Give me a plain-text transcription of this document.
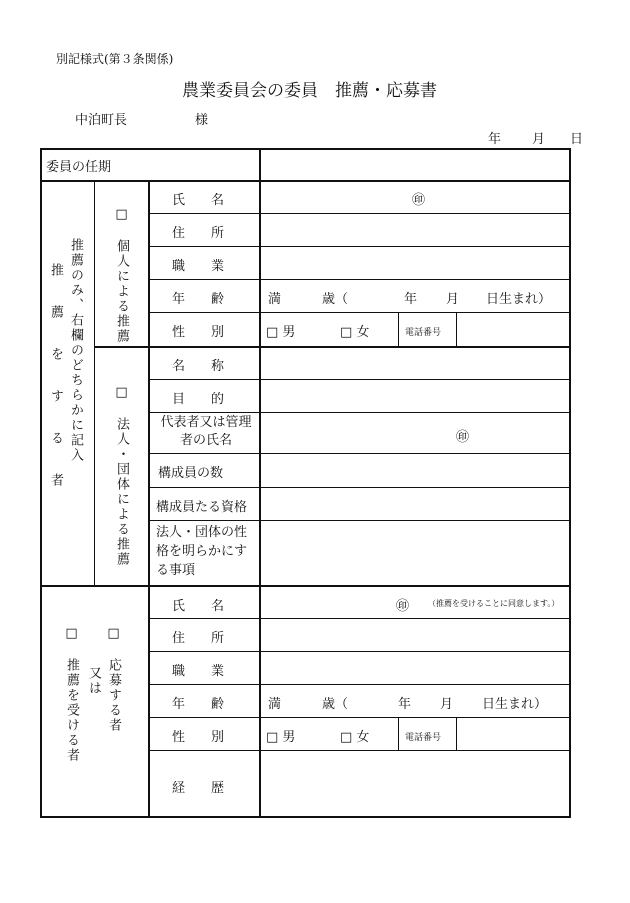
別記様式(第３条関係)
農業委員会の委員　推薦・応募書
中泊町長	様
年 月 日
委員の任期
推薦のみ、右欄のどちらかに記入
推　薦　を　す　る　者	□　個人による推薦
氏　　名	㊞
住　　所
職　　業
年　　齢	満	歳（	年 月 日生まれ）
性　　別	□ 男	□ 女	電話番号
□　法人・団体による推薦
名　　称
目　　的
代表者又は管理者の氏名	㊞
構成員の数
構成員たる資格
法人・団体の性格を明らかにする事項
□　推薦を受ける者 又は □　応募する者
氏　　名	㊞ （推薦を受けることに同意します。）
住　　所
職　　業
年　　齢	満	歳（	年 月 日生まれ）
性　　別	□ 男	□ 女	電話番号
経　　歴
